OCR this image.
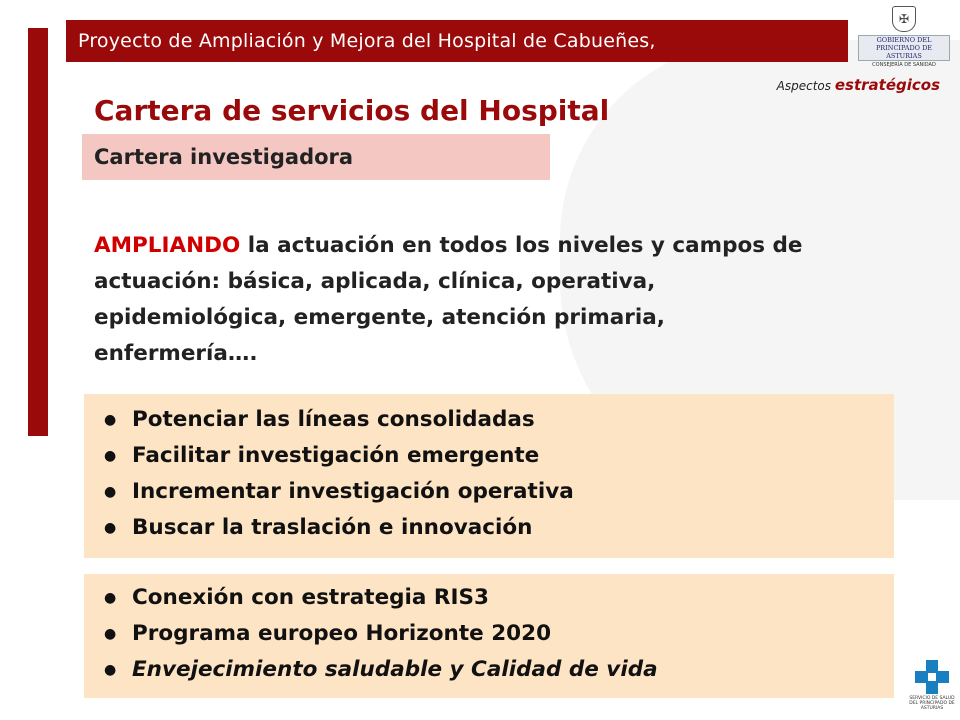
Proyecto de Ampliación y Mejora del Hospital de Cabueñes,
✠
GOBIERNO DEL
PRINCIPADO DE ASTURIAS
CONSEJERÍA DE SANIDAD
Aspectos estratégicos
Cartera de servicios del Hospital
Cartera investigadora

AMPLIANDO la actuación en todos los niveles y campos de actuación: básica, aplicada, clínica, operativa, epidemiológica, emergente, atención primaria, enfermería….

● Potenciar las líneas consolidadas
● Facilitar investigación emergente
● Incrementar investigación operativa
● Buscar la traslación e innovación
● Conexión con estrategia RIS3
● Programa europeo Horizonte 2020
● Envejecimiento saludable y Calidad de vida
SERVICIO DE SALUD
DEL PRINCIPADO DE ASTURIAS
